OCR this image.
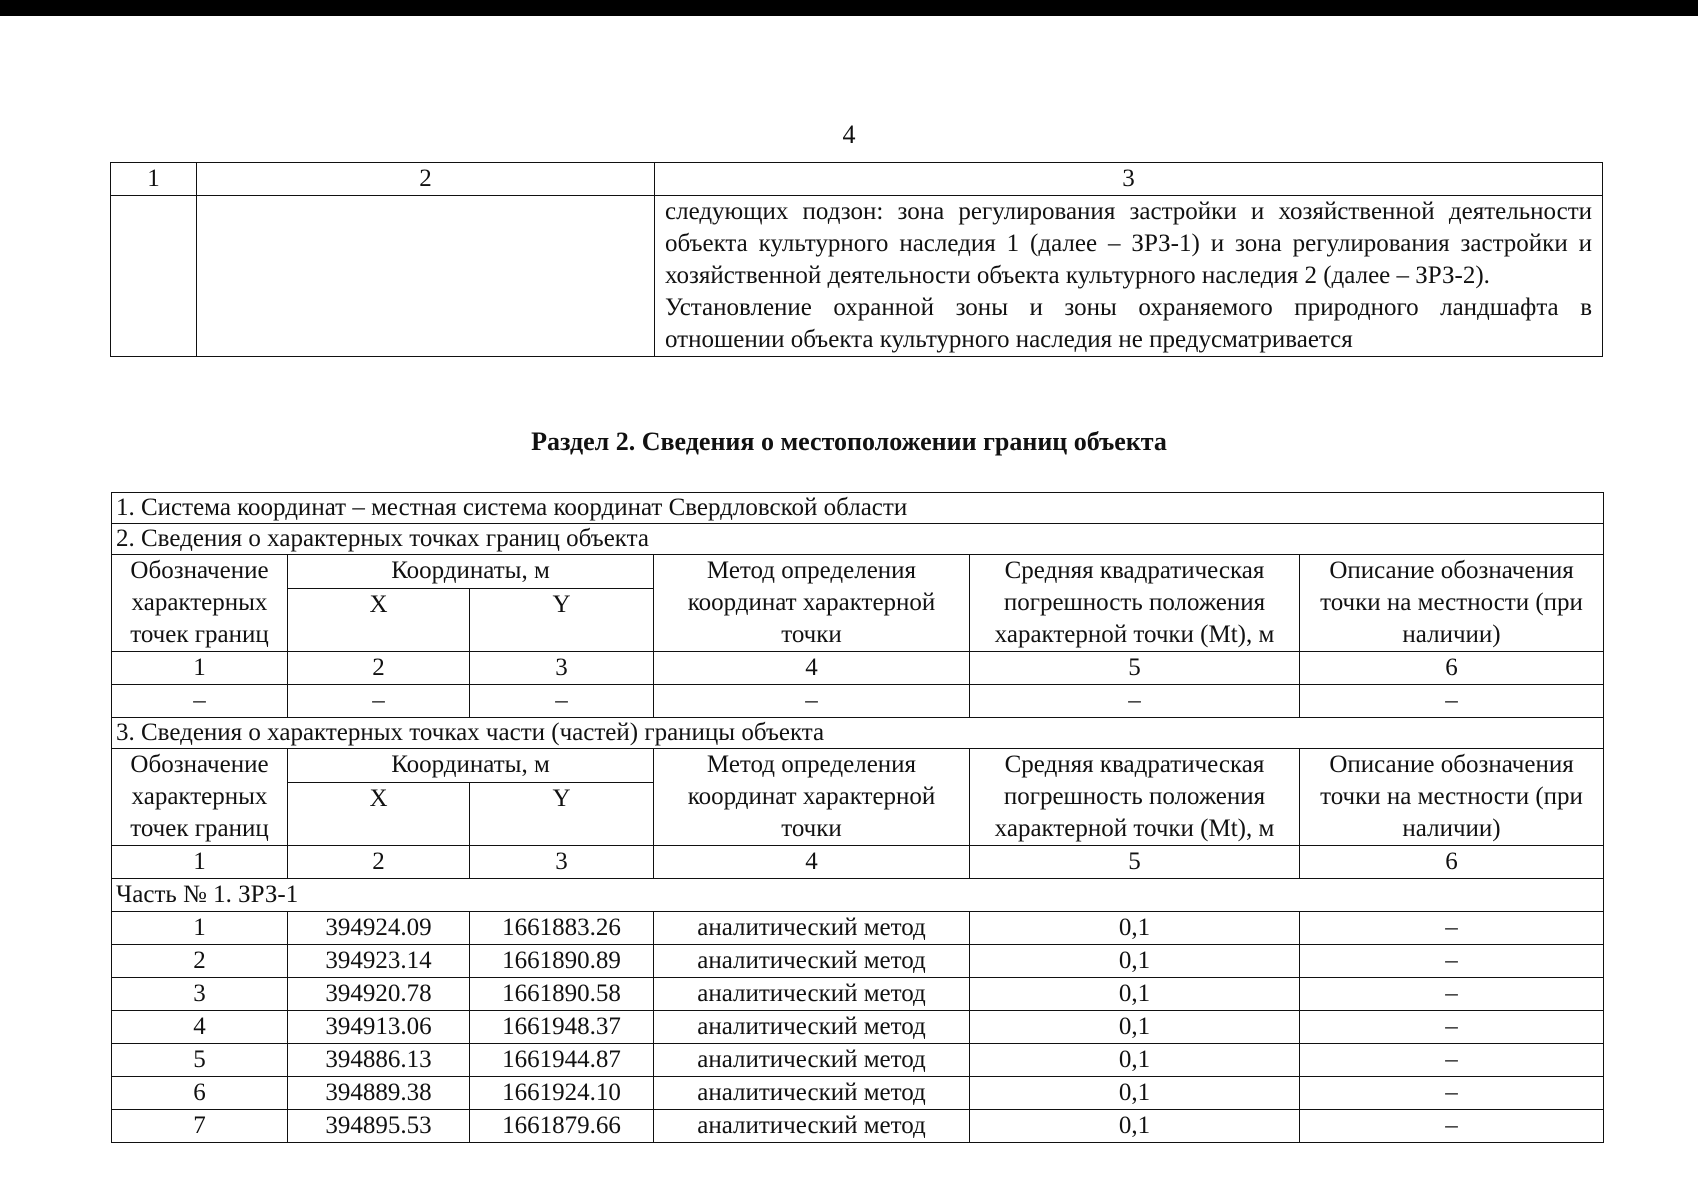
4
1	2	3

		следующих подзон: зона регулирования застройки и хозяйственной деятельности объекта культурного наследия 1 (далее – ЗРЗ-1) и зона регулирования застройки и хозяйственной деятельности объекта культурного наследия 2 (далее – ЗРЗ-2).
Установление охранной зоны и зоны охраняемого природного ландшафта в отношении объекта культурного наследия не предусматривается
Раздел 2. Сведения о местоположении границ объекта
1. Система координат – местная система координат Свердловской области					
2. Сведения о характерных точках границ объекта					
Обозначение характерных точек границ	Координаты, м		Метод определения координат характерной точки	Средняя квадратическая погрешность положения характерной точки (Mt), м	Описание обозначения точки на местности (при наличии)
	X	Y			
1	2	3	4	5	6
–	–	–	–	–	–
3. Сведения о характерных точках части (частей) границы объекта					
Обозначение характерных точек границ	Координаты, м		Метод определения координат характерной точки	Средняя квадратическая погрешность положения характерной точки (Mt), м	Описание обозначения точки на местности (при наличии)
	X	Y			
1	2	3	4	5	6
Часть № 1. ЗРЗ-1					
1	394924.09	1661883.26	аналитический метод	0,1	–
2	394923.14	1661890.89	аналитический метод	0,1	–
3	394920.78	1661890.58	аналитический метод	0,1	–
4	394913.06	1661948.37	аналитический метод	0,1	–
5	394886.13	1661944.87	аналитический метод	0,1	–
6	394889.38	1661924.10	аналитический метод	0,1	–
7	394895.53	1661879.66	аналитический метод	0,1	–
